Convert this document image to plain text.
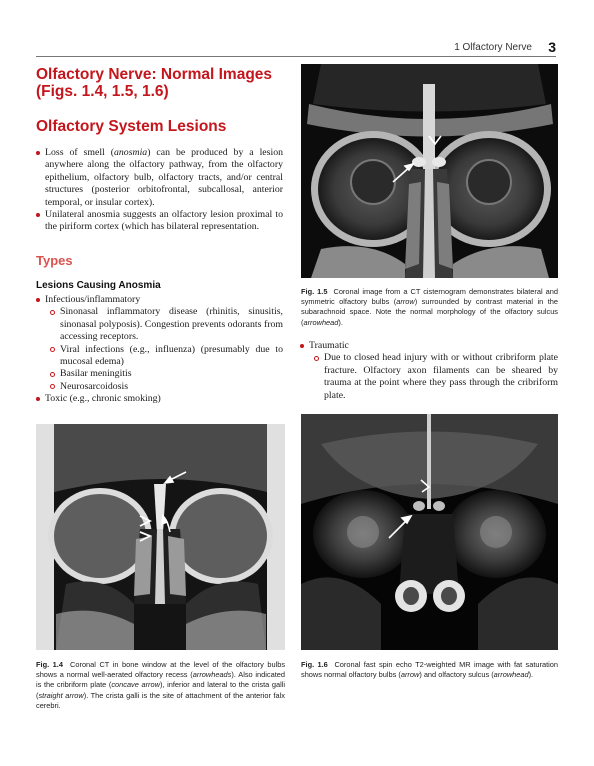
1 Olfactory Nerve 3
Olfactory Nerve: Normal Images (Figs. 1.4, 1.5, 1.6)
Olfactory System Lesions
Loss of smell (anosmia) can be produced by a lesion anywhere along the olfactory pathway, from the olfactory epithelium, olfactory bulb, olfactory tracts, and/or central structures (posterior orbitofrontal, subcallosal, anterior temporal, or insular cortex).
Unilateral anosmia suggests an olfactory lesion proximal to the piriform cortex (which has bilateral representation.
Types
Lesions Causing Anosmia
Infectious/inflammatory
Sinonasal inflammatory disease (rhinitis, sinusitis, sinonasal polyposis). Congestion prevents odorants from accessing receptors.
Viral infections (e.g., influenza) (presumably due to mucosal edema)
Basilar meningitis
Neurosarcoidosis
Toxic (e.g., chronic smoking)
Fig. 1.5 Coronal image from a CT cisternogram demonstrates bilateral and symmetric olfactory bulbs (arrow) surrounded by contrast material in the subarachnoid space. Note the normal morphology of the olfactory sulcus (arrowhead).
Traumatic
Due to closed head injury with or without cribriform plate fracture. Olfactory axon filaments can be sheared by trauma at the point where they pass through the cribriform plate.
Fig. 1.4 Coronal CT in bone window at the level of the olfactory bulbs shows a normal well-aerated olfactory recess (arrowheads). Also indicated is the cribriform plate (concave arrow), inferior and lateral to the crista galli (straight arrow). The crista galli is the site of attachment of the anterior falx cerebri.
Fig. 1.6 Coronal fast spin echo T2-weighted MR image with fat saturation shows normal olfactory bulbs (arrow) and olfactory sulcus (arrowhead).
